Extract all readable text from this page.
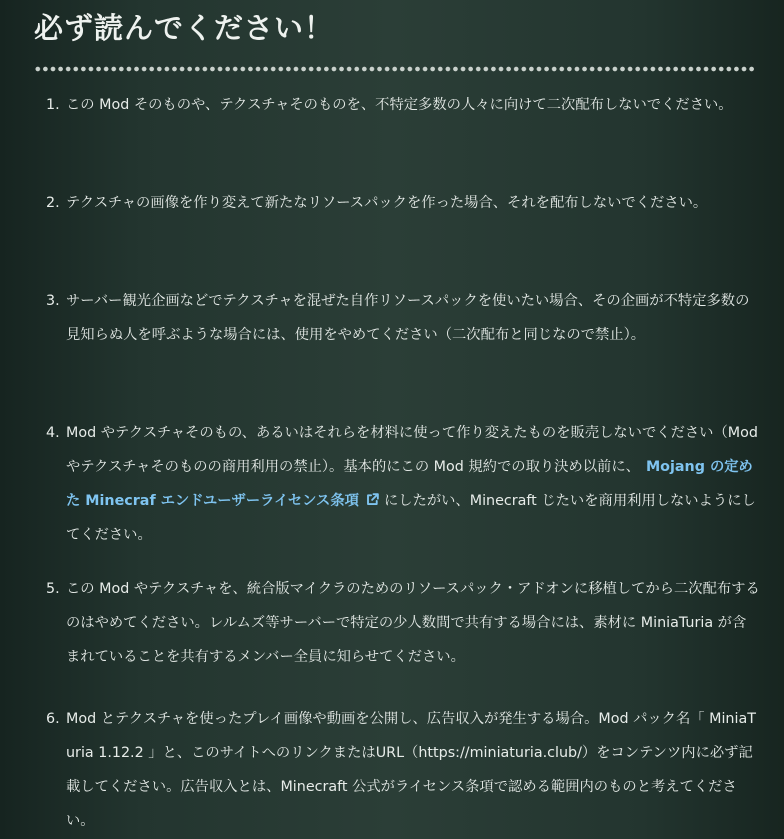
必ず読んでください！
1. この Mod そのものや、テクスチャそのものを、不特定多数の人々に向けて二次配布しないでください。
2. テクスチャの画像を作り変えて新たなリソースパックを作った場合、それを配布しないでください。
3. サーバー観光企画などでテクスチャを混ぜた自作リソースパックを使いたい場合、その企画が不特定多数の見知らぬ人を呼ぶような場合には、使用をやめてください（二次配布と同じなので禁止）。
4. Mod やテクスチャそのもの、あるいはそれらを材料に使って作り変えたものを販売しないでください（Mod やテクスチャそのものの商用利用の禁止）。基本的にこの Mod 規約での取り決め以前に、 Mojang の定めた Minecraf エンドユーザーライセンス条項 にしたがい、Minecraft じたいを商用利用しないようにしてください。
5. この Mod やテクスチャを、統合版マイクラのためのリソースパック・アドオンに移植してから二次配布するのはやめてください。レルムズ等サーバーで特定の少人数間で共有する場合には、素材に MiniaTuria が含まれていることを共有するメンバー全員に知らせてください。
6. Mod とテクスチャを使ったプレイ画像や動画を公開し、広告収入が発生する場合。Mod パック名「 MiniaTuria 1.12.2 」と、このサイトへのリンクまたはURL（https://miniaturia.club/）をコンテンツ内に必ず記載してください。広告収入とは、Minecraft 公式がライセンス条項で認める範囲内のものと考えてください。
